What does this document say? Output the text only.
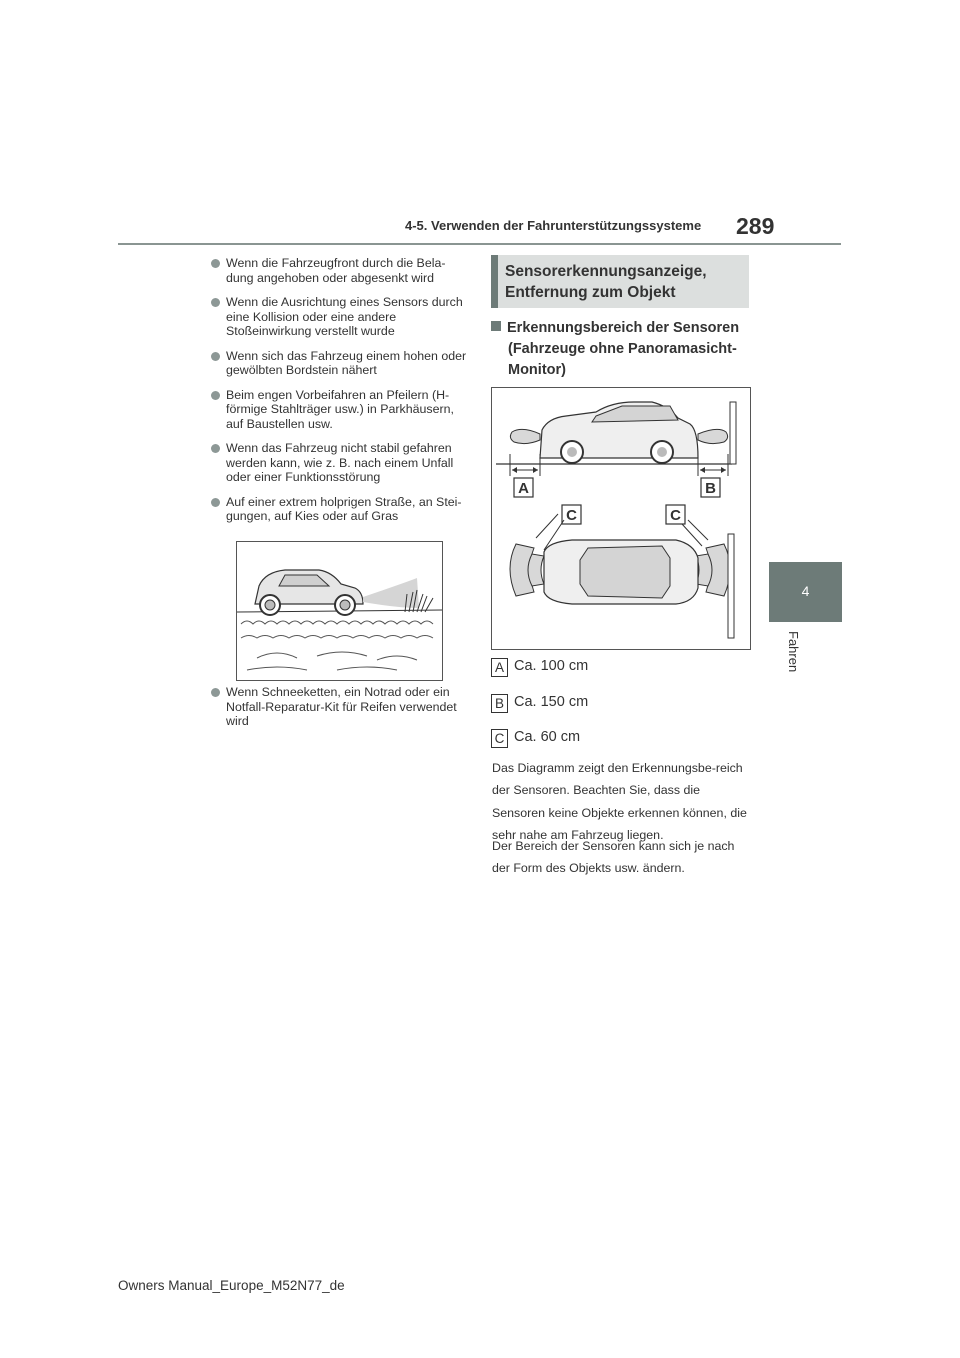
4-5. Verwenden der Fahrunterstützungssysteme 289
4
Fahren
Wenn die Fahrzeugfront durch die Bela-dung angehoben oder abgesenkt wird
Wenn die Ausrichtung eines Sensors durch eine Kollision oder eine andere Stoßeinwirkung verstellt wurde
Wenn sich das Fahrzeug einem hohen oder gewölbten Bordstein nähert
Beim engen Vorbeifahren an Pfeilern (H-förmige Stahlträger usw.) in Parkhäusern, auf Baustellen usw.
Wenn das Fahrzeug nicht stabil gefahren werden kann, wie z. B. nach einem Unfall oder einer Funktionsstörung
Auf einer extrem holprigen Straße, an Stei-gungen, auf Kies oder auf Gras
Wenn Schneeketten, ein Notrad oder ein Notfall-Reparatur-Kit für Reifen verwendet wird
Sensorerkennungsanzeige,
Entfernung zum Objekt
Erkennungsbereich der Sensoren
(Fahrzeuge ohne Panoramasicht-
Monitor)
A	B
C	C
A Ca. 100 cm
B Ca. 150 cm
C Ca. 60 cm
Das Diagramm zeigt den Erkennungsbe-reich der Sensoren. Beachten Sie, dass die Sensoren keine Objekte erkennen können, die sehr nahe am Fahrzeug liegen.
Der Bereich der Sensoren kann sich je nach der Form des Objekts usw. ändern.
Owners Manual_Europe_M52N77_de
